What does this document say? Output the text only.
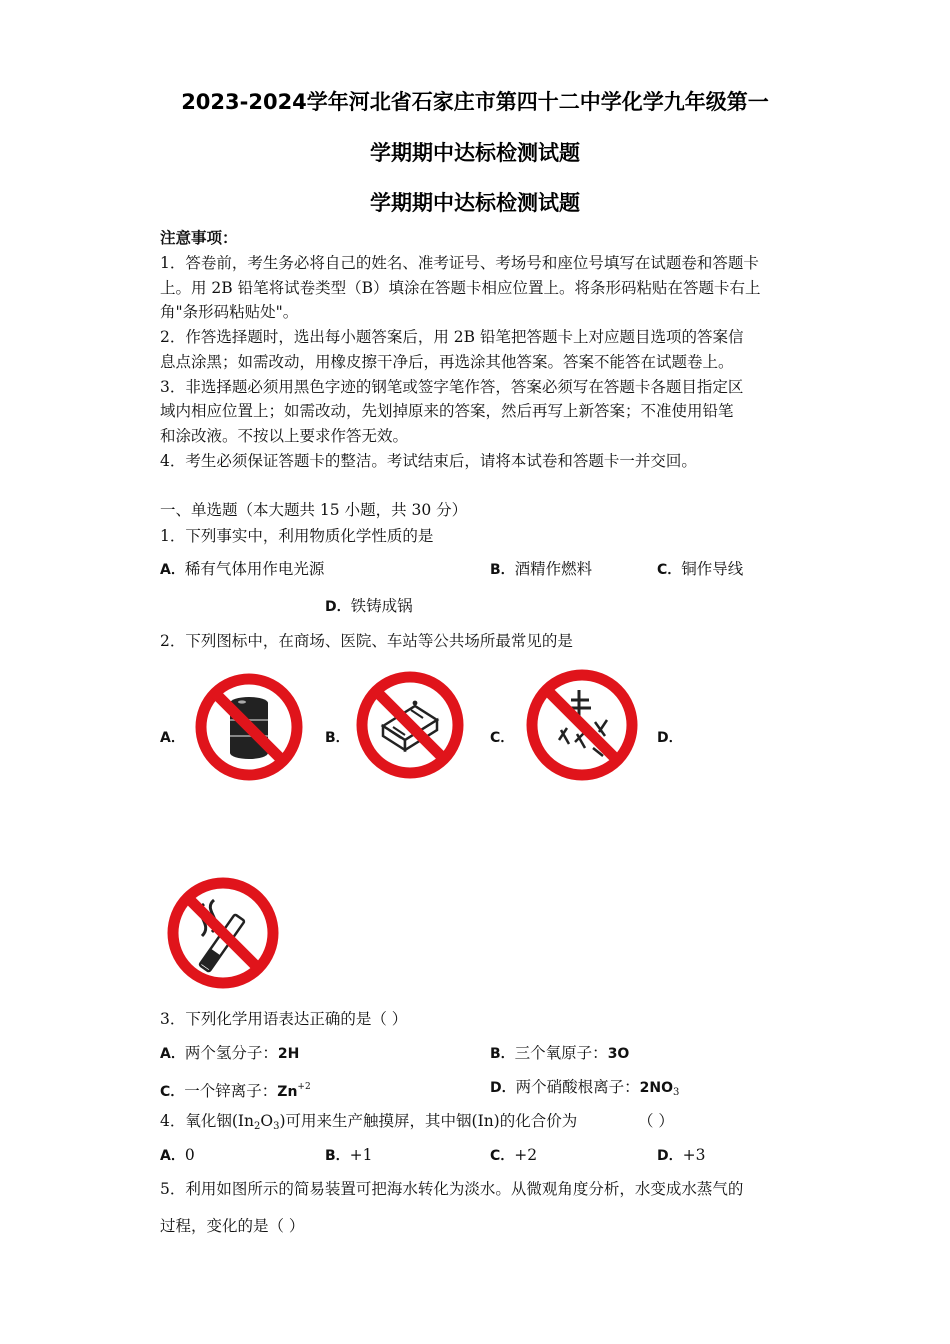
2023-2024学年河北省石家庄市第四十二中学化学九年级第一
学期期中达标检测试题
学期期中达标检测试题
注意事项：
1．答卷前，考生务必将自己的姓名、准考证号、考场号和座位号填写在试题卷和答题卡
上。用 2B 铅笔将试卷类型（B）填涂在答题卡相应位置上。将条形码粘贴在答题卡右上
角"条形码粘贴处"。
2．作答选择题时，选出每小题答案后，用 2B 铅笔把答题卡上对应题目选项的答案信
息点涂黑；如需改动，用橡皮擦干净后，再选涂其他答案。答案不能答在试题卷上。
3．非选择题必须用黑色字迹的钢笔或签字笔作答，答案必须写在答题卡各题目指定区
域内相应位置上；如需改动，先划掉原来的答案，然后再写上新答案；不准使用铅笔
和涂改液。不按以上要求作答无效。
4．考生必须保证答题卡的整洁。考试结束后，请将本试卷和答题卡一并交回。
一、单选题（本大题共 15 小题，共 30 分）
1．下列事实中，利用物质化学性质的是
A．稀有气体用作电光源	B．酒精作燃料	C．铜作导线
D．铁铸成锅
2．下列图标中，在商场、医院、车站等公共场所最常见的是
A．	B．	C．	D．
3．下列化学用语表达正确的是（ ）
A．两个氢分子：2H	B．三个氧原子：3O
C．一个锌离子：$Zn^{+2}$	D．两个硝酸根离子：$2NO_3$
4．氧化铟$(In_2O_3)$可用来生产触摸屏，其中铟(In)的化合价为	（ ）
A．0	B．+1	C．+2	D．+3
5．利用如图所示的简易装置可把海水转化为淡水。从微观角度分析，水变成水蒸气的
过程，变化的是（ ）
